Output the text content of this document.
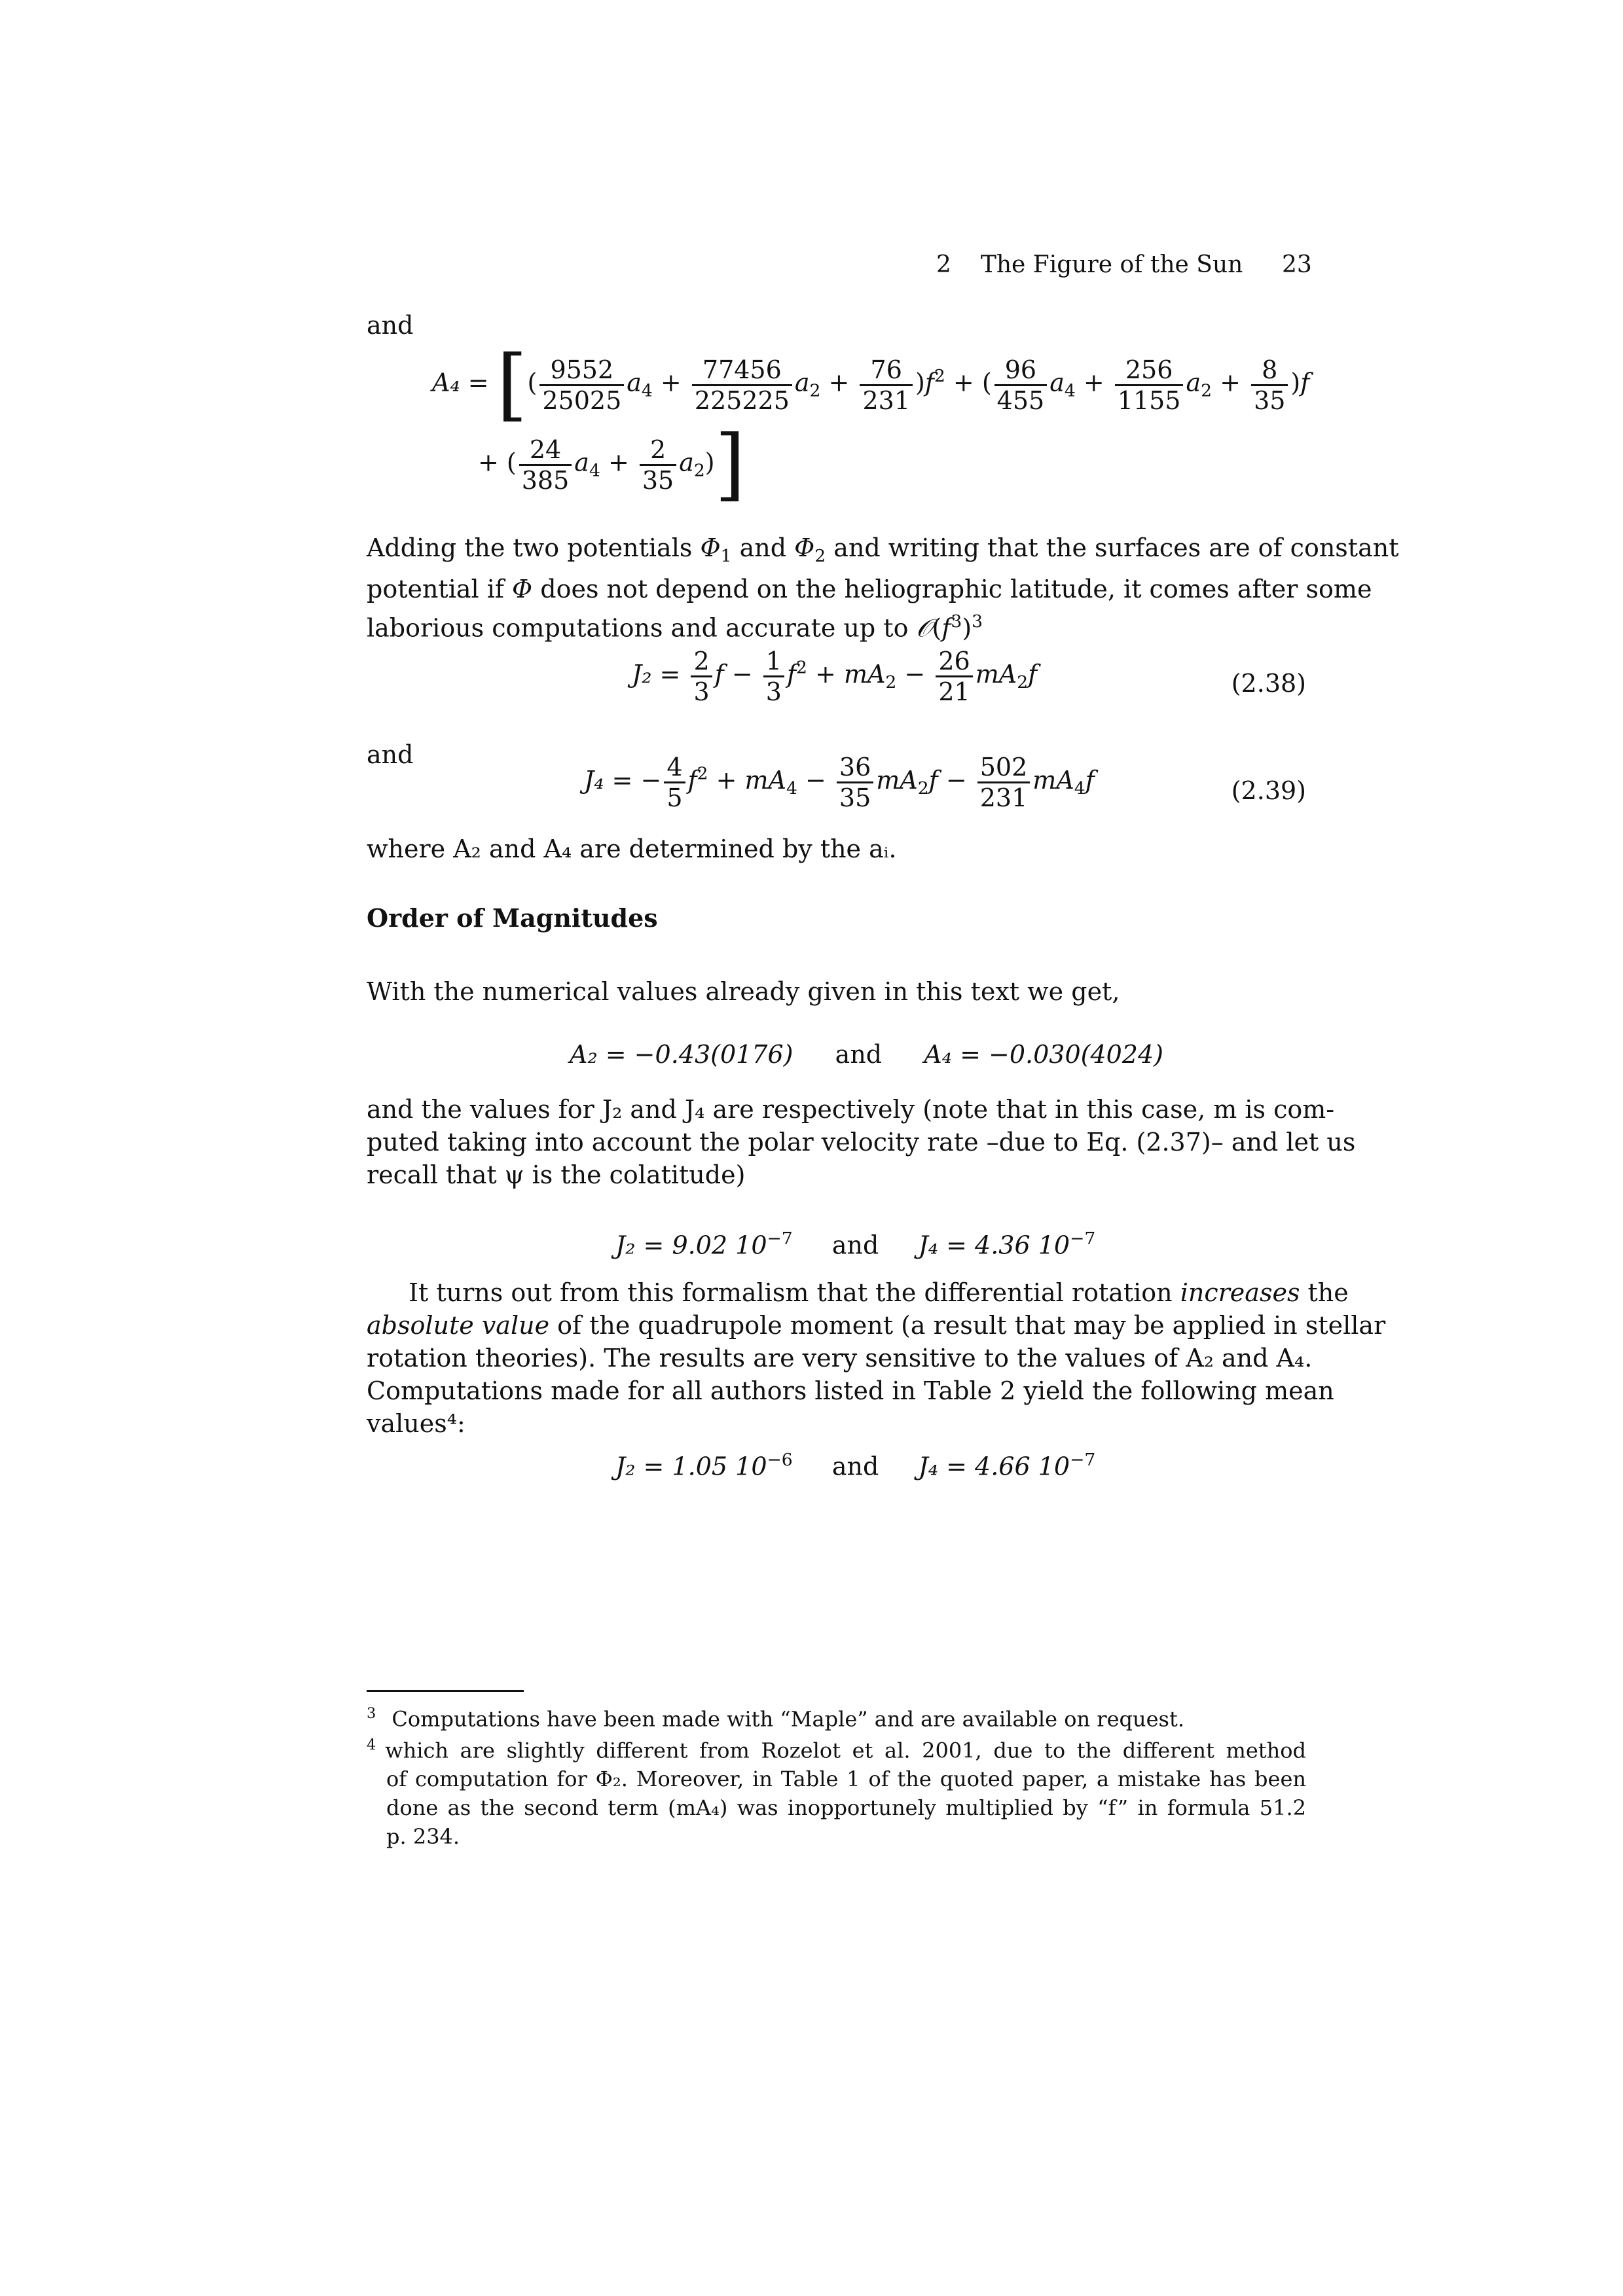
2 The Figure of the Sun 23
and
A₄ = [( $\frac{9552}{25025} a_4 + \frac{77456}{225225} a_2 + \frac{76}{231} )f^2$ + ( $\frac{96}{455} a_4 + \frac{256}{1155} a_2 + \frac{8}{35} )f$
+ ( $\frac{24}{385} a_4 + \frac{2}{35} a_2$)]
Adding the two potentials $\Phi_1$ and $\Phi_2$ and writing that the surfaces are of constant
potential if Φ does not depend on the heliographic latitude, it comes after some
laborious computations and accurate up to $𝒪(f^3)^3$
$J_2 = \frac{2}{3}$ $f - \frac{1}{3} f^2 + mA_2 - \frac{26}{21} mA_2f$	(2.38)
and
J₄ = − $\frac{4}{5} f^2 + mA_4 - \frac{36}{35} mA_2f - \frac{502}{231} mA_4f$	(2.39)
where A₂ and A₄ are determined by the aᵢ.
Order of Magnitudes
With the numerical values already given in this text we get,
A₂ = −0.43(0176) and A₄ = −0.030(4024)
and the values for J₂ and J₄ are respectively (note that in this case, m is com-
puted taking into account the polar velocity rate –due to Eq. (2.37)– and let us
recall that ψ is the colatitude)
J₂ = 9.02 $10^{-7}$ and J₄ = 4.36 $10^{-7}$
It turns out from this formalism that the differential rotation increases the
absolute value of the quadrupole moment (a result that may be applied in stellar
rotation theories). The results are very sensitive to the values of A₂ and A₄.
Computations made for all authors listed in Table 2 yield the following mean
values⁴:
J₂ = 1.05 $10^{-6}$ and J₄ = 4.66 $10^{-7}$
$^3$ Computations have been made with “Maple” and are available on request.
$^4$ which are slightly different from Rozelot et al. 2001, due to the different method
of computation for Φ₂. Moreover, in Table 1 of the quoted paper, a mistake has been
done as the second term (mA₄) was inopportunely multiplied by “f” in formula 51.2
p. 234.
